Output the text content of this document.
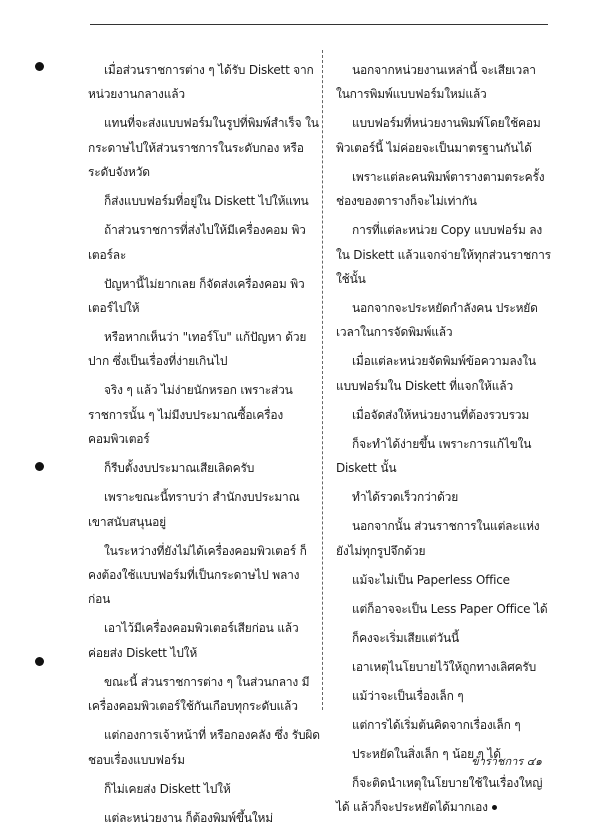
เมื่อส่วนราชการต่าง ๆ ได้รับ Diskett จากหน่วยงานกลางแล้ว

แทนที่จะส่งแบบฟอร์มในรูปที่พิมพ์สำเร็จ ในกระดาษไปให้ส่วนราชการในระดับกอง หรือระดับจังหวัด

ก็ส่งแบบฟอร์มที่อยู่ใน Diskett ไปให้แทน

ถ้าส่วนราชการที่ส่งไปให้มีเครื่องคอม พิวเตอร์ละ

ปัญหานี้ไม่ยากเลย ก็จัดส่งเครื่องคอม พิวเตอร์ไปให้

หรือหากเห็นว่า "เทอร์โบ" แก้ปัญหา ด้วยปาก ซึ่งเป็นเรื่องที่ง่ายเกินไป

จริง ๆ แล้ว ไม่ง่ายนักหรอก เพราะส่วน ราชการนั้น ๆ ไม่มีงบประมาณซื้อเครื่อง คอมพิวเตอร์

ก็รีบตั้งงบประมาณเสียเลิดครับ

เพราะขณะนี้ทราบว่า สำนักงบประมาณ เขาสนับสนุนอยู่

ในระหว่างที่ยังไม่ได้เครื่องคอมพิวเตอร์ ก็คงต้องใช้แบบฟอร์มที่เป็นกระดาษไป พลางก่อน

เอาไว้มีเครื่องคอมพิวเตอร์เสียก่อน แล้ว ค่อยส่ง Diskett ไปให้

ขณะนี้ ส่วนราชการต่าง ๆ ในส่วนกลาง มีเครื่องคอมพิวเตอร์ใช้กันเกือบทุกระดับแล้ว

แต่กองการเจ้าหน้าที่ หรือกองคลัง ซึ่ง รับผิดชอบเรื่องแบบฟอร์ม

ก็ไม่เคยส่ง Diskett ไปให้

แต่ละหน่วยงาน ก็ต้องพิมพ์ขึ้นใหม่

นอกจากหน่วยงานเหล่านี้ จะเสียเวลา ในการพิมพ์แบบฟอร์มใหม่แล้ว

แบบฟอร์มที่หน่วยงานพิมพ์โดยใช้คอม พิวเตอร์นี้ ไม่ค่อยจะเป็นมาตรฐานกันได้

เพราะแต่ละคนพิมพ์ตารางตามตระครั้ง ช่องของตารางก็จะไม่เท่ากัน

การที่แต่ละหน่วย Copy แบบฟอร์ม ลง ใน Diskett แล้วแจกจ่ายให้ทุกส่วนราชการ ใช้นั้น

นอกจากจะประหยัดกำลังคน ประหยัด เวลาในการจัดพิมพ์แล้ว

เมื่อแต่ละหน่วยจัดพิมพ์ข้อความลงใน แบบฟอร์มใน Diskett ที่แจกให้แล้ว

เมื่อจัดส่งให้หน่วยงานที่ต้องรวบรวม

ก็จะทำได้ง่ายขึ้น เพราะการแก้ไขใน Diskett นั้น

ทำได้รวดเร็วกว่าด้วย

นอกจากนั้น ส่วนราชการในแต่ละแห่ง ยังไม่ทุกรูปจึกด้วย

แม้จะไม่เป็น Paperless Office

แต่ก็อาจจะเป็น Less Paper Office ได้

ก็คงจะเริ่มเสียแต่วันนี้

เอาเหตุไนโยบายไว้ให้ถูกทางเลิศครับ

แม้ว่าจะเป็นเรื่องเล็ก ๆ

แต่การได้เริ่มต้นคิดจากเรื่องเล็ก ๆ

ประหยัดในสิ่งเล็ก ๆ น้อย ๆ ได้

ก็จะติดนำเหตุในโยบายใช้ในเรื่องใหญ่ได้ แล้วก็จะประหยัดได้มากเอง

ข้าราชการ ๔๑
